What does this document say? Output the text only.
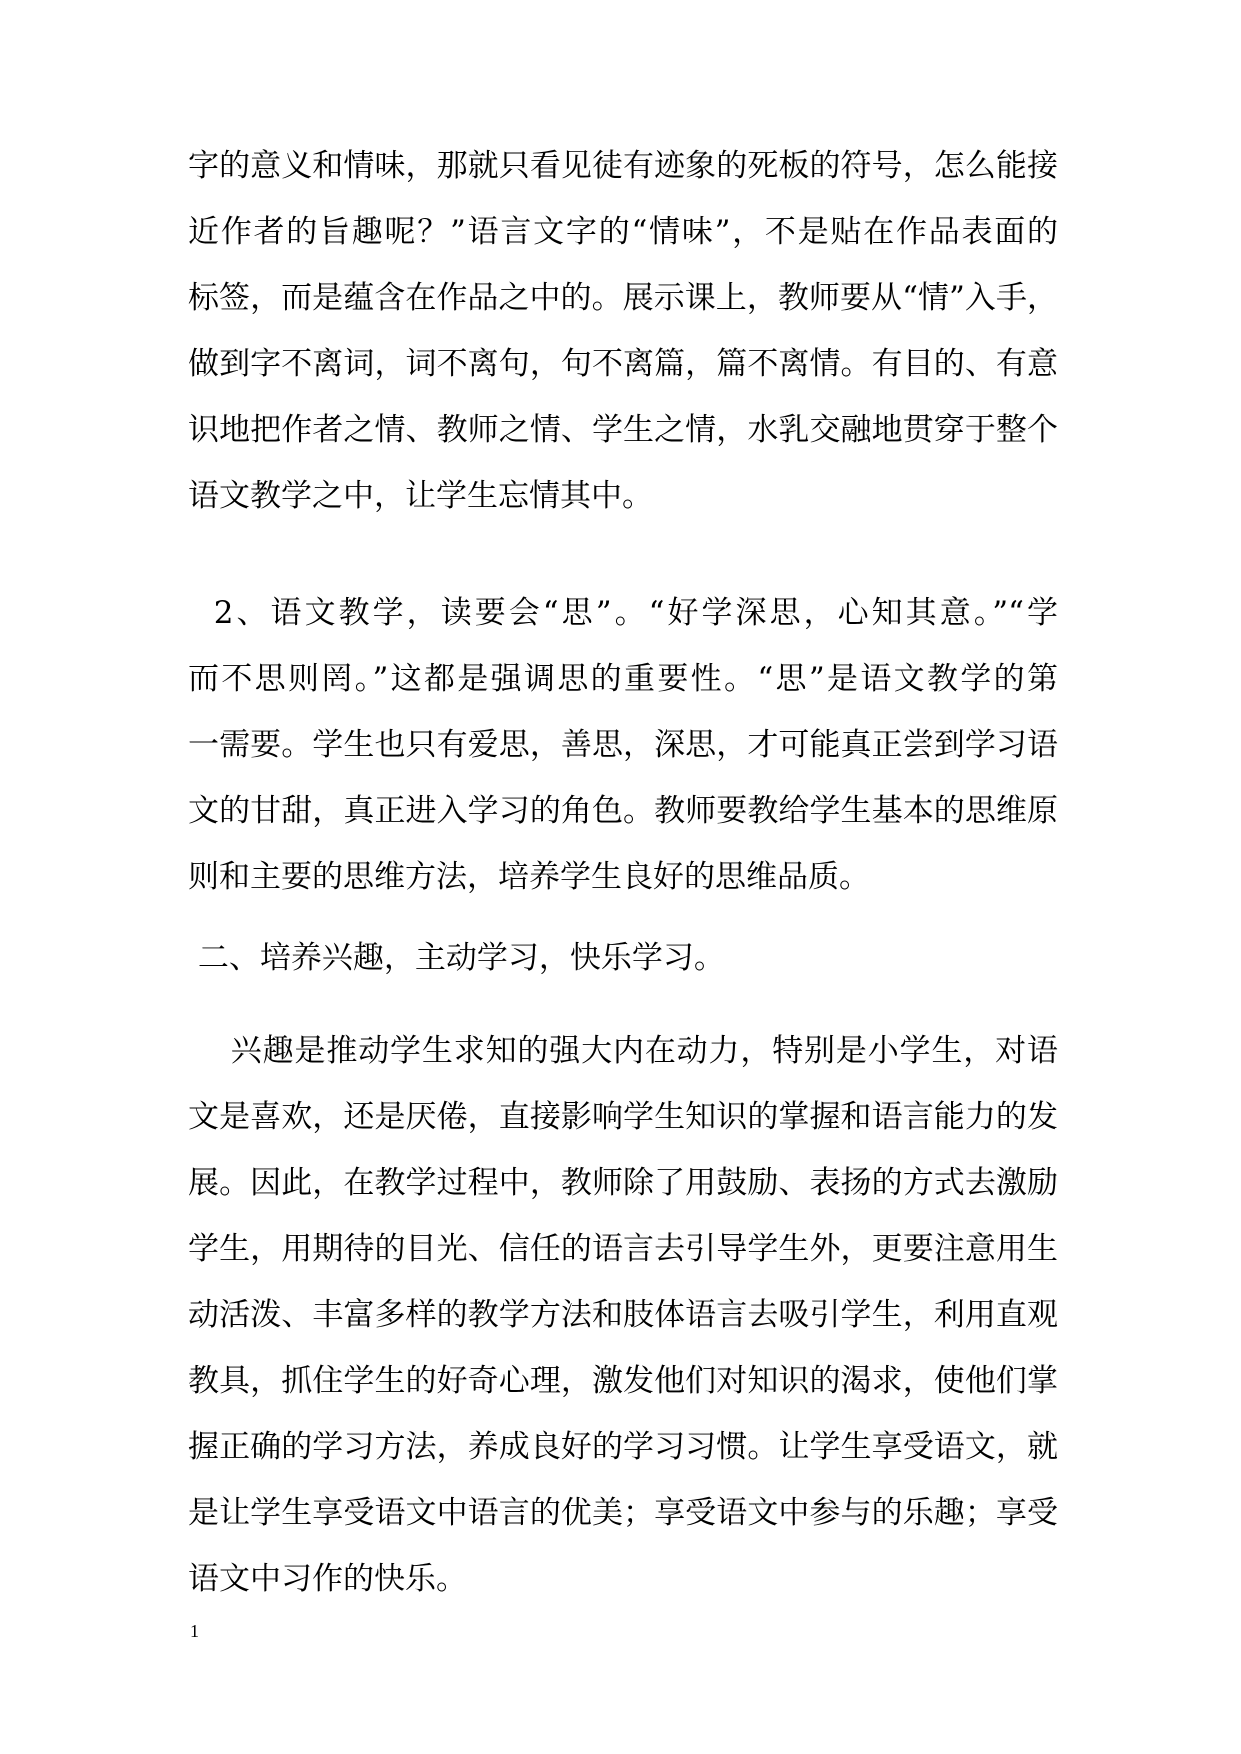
字的意义和情味，那就只看见徒有迹象的死板的符号，怎么能接
近作者的旨趣呢？”语言文字的“情味”，不是贴在作品表面的
标签，而是蕴含在作品之中的。展示课上，教师要从“情”入手，
做到字不离词，词不离句，句不离篇，篇不离情。有目的、有意
识地把作者之情、教师之情、学生之情，水乳交融地贯穿于整个
语文教学之中，让学生忘情其中。
2、语文教学，读要会“思”。“好学深思，心知其意。”“学
而不思则罔。”这都是强调思的重要性。“思”是语文教学的第
一需要。学生也只有爱思，善思，深思，才可能真正尝到学习语
文的甘甜，真正进入学习的角色。教师要教给学生基本的思维原
则和主要的思维方法，培养学生良好的思维品质。
二、培养兴趣，主动学习，快乐学习。
兴趣是推动学生求知的强大内在动力，特别是小学生，对语
文是喜欢，还是厌倦，直接影响学生知识的掌握和语言能力的发
展。因此，在教学过程中，教师除了用鼓励、表扬的方式去激励
学生，用期待的目光、信任的语言去引导学生外，更要注意用生
动活泼、丰富多样的教学方法和肢体语言去吸引学生，利用直观
教具，抓住学生的好奇心理，激发他们对知识的渴求，使他们掌
握正确的学习方法，养成良好的学习习惯。让学生享受语文，就
是让学生享受语文中语言的优美；享受语文中参与的乐趣；享受
语文中习作的快乐。
1
